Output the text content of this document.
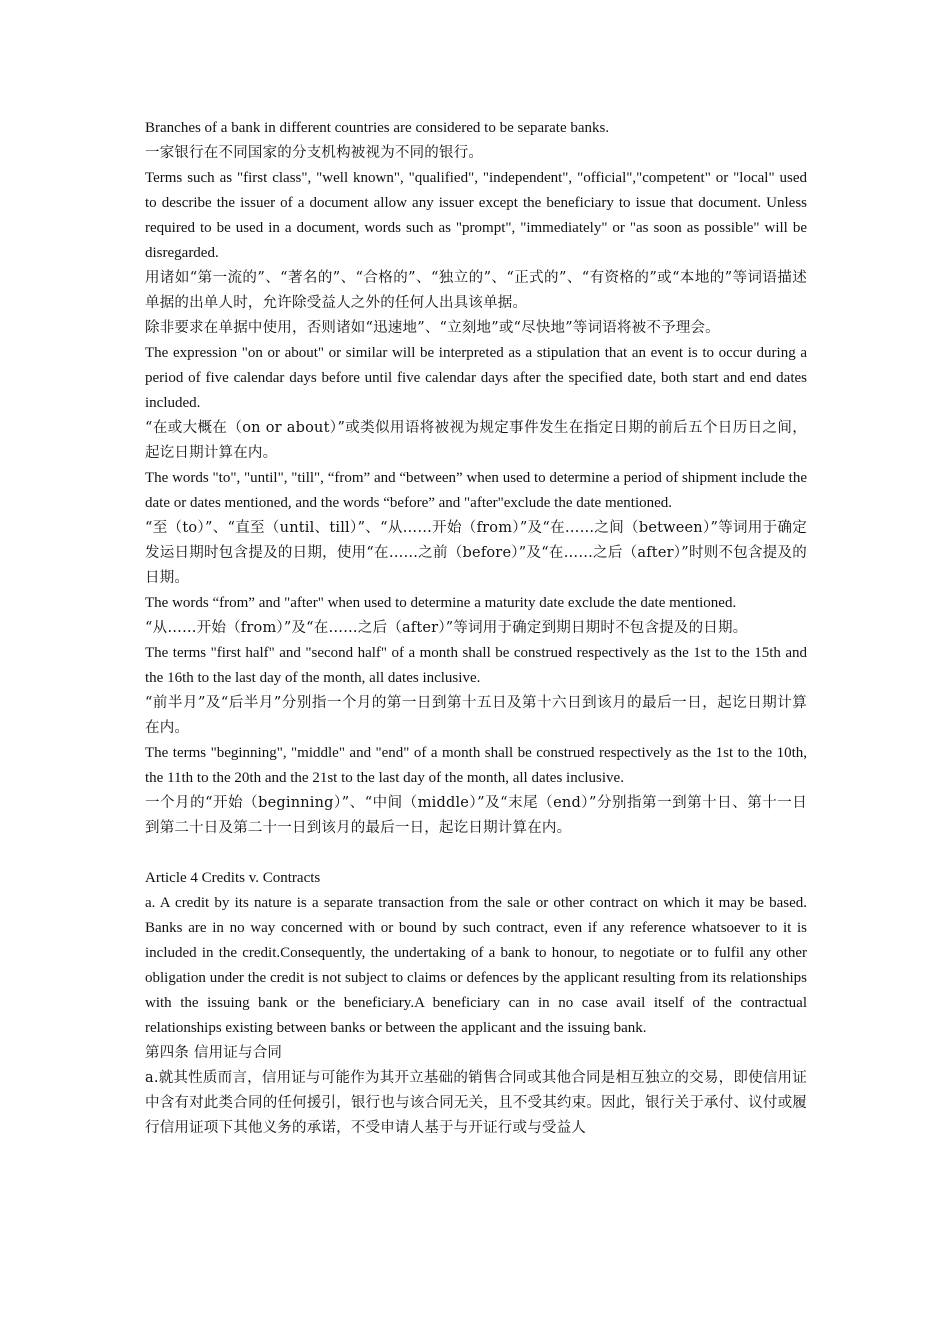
Branches of a bank in different countries are considered to be separate banks.

一家银行在不同国家的分支机构被视为不同的银行。

Terms such as "first class", "well known", "qualified", "independent", "official","competent" or "local" used to describe the issuer of a document allow any issuer except the beneficiary to issue that document. Unless required to be used in a document, words such as "prompt", "immediately" or "as soon as possible" will be disregarded.

用诸如“第一流的”、“著名的”、“合格的”、“独立的”、“正式的”、“有资格的”或“本地的”等词语描述单据的出单人时，允许除受益人之外的任何人出具该单据。

除非要求在单据中使用，否则诸如“迅速地”、“立刻地”或“尽快地”等词语将被不予理会。

The expression "on or about" or similar will be interpreted as a stipulation that an event is to occur during a period of five calendar days before until five calendar days after the specified date, both start and end dates included.

“在或大概在（on or about）”或类似用语将被视为规定事件发生在指定日期的前后五个日历日之间，起讫日期计算在内。

The words "to", "until", "till", “from” and “between” when used to determine a period of shipment include the date or dates mentioned, and the words “before” and "after"exclude the date mentioned.

“至（to）”、“直至（until、till）”、“从……开始（from）”及“在……之间（between）”等词用于确定发运日期时包含提及的日期，使用“在……之前（before）”及“在……之后（after）”时则不包含提及的日期。

The words “from” and "after" when used to determine a maturity date exclude the date mentioned.

“从……开始（from）”及“在……之后（after）”等词用于确定到期日期时不包含提及的日期。

The terms "first half" and "second half" of a month shall be construed respectively as the 1st to the 15th and the 16th to the last day of the month, all dates inclusive.

“前半月”及“后半月”分别指一个月的第一日到第十五日及第十六日到该月的最后一日，起讫日期计算在内。

The terms "beginning", "middle" and "end" of a month shall be construed respectively as the 1st to the 10th, the 11th to the 20th and the 21st to the last day of the month, all dates inclusive.

一个月的“开始（beginning）”、“中间（middle）”及“末尾（end）”分别指第一到第十日、第十一日到第二十日及第二十一日到该月的最后一日，起讫日期计算在内。

Article 4 Credits v. Contracts

a. A credit by its nature is a separate transaction from the sale or other contract on which it may be based. Banks are in no way concerned with or bound by such contract, even if any reference whatsoever to it is included in the credit.Consequently, the undertaking of a bank to honour, to negotiate or to fulfil any other obligation under the credit is not subject to claims or defences by the applicant resulting from its relationships with the issuing bank or the beneficiary.A beneficiary can in no case avail itself of the contractual relationships existing between banks or between the applicant and the issuing bank.

第四条 信用证与合同

a.就其性质而言，信用证与可能作为其开立基础的销售合同或其他合同是相互独立的交易，即使信用证中含有对此类合同的任何援引，银行也与该合同无关，且不受其约束。因此，银行关于承付、议付或履行信用证项下其他义务的承诺，不受申请人基于与开证行或与受益人
